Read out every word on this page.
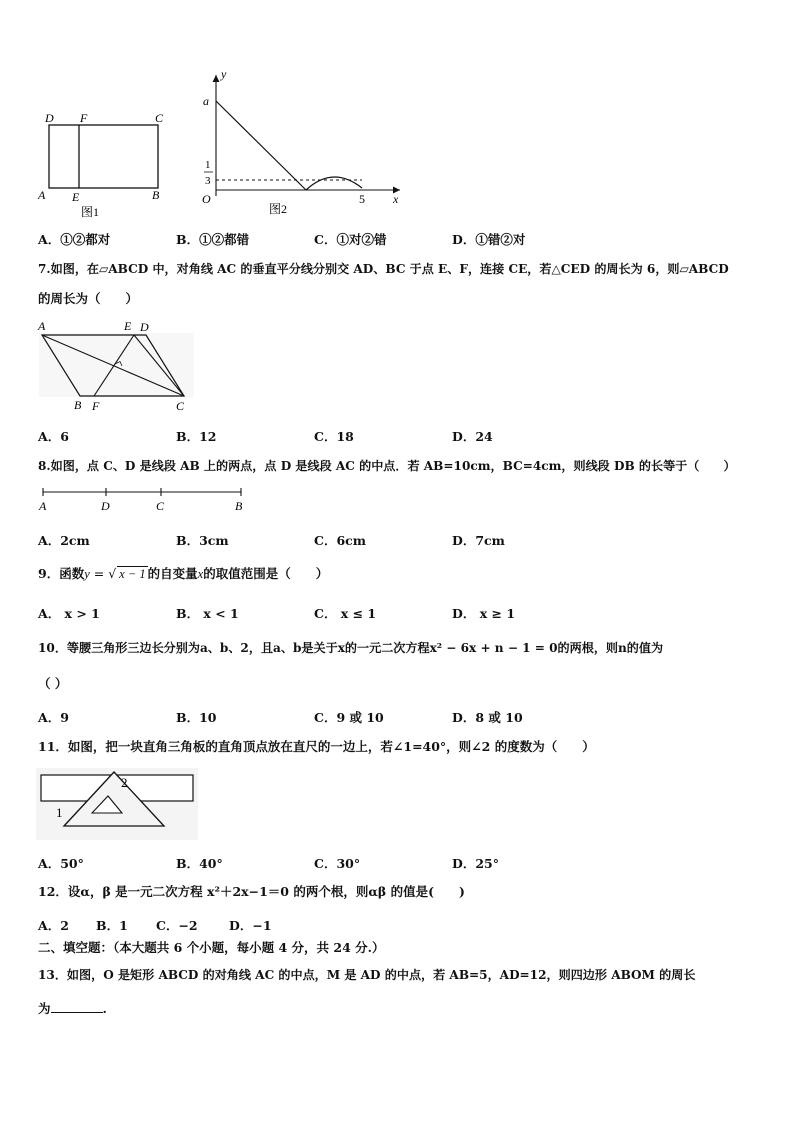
D F	C
A E	B
图1
y
a
1
3
O	5 x
图2
A．①②都对	B．①②都错	C．①对②错	D．①错②对
7.如图，在▱ABCD 中，对角线 AC 的垂直平分线分别交 AD、BC 于点 E、F，连接 CE，若△CED 的周长为 6，则▱ABCD
的周长为（　　）
A	E D
B F	C
A．6	B．12	C．18	D．24
8.如图，点 C、D 是线段 AB 上的两点，点 D 是线段 AC 的中点．若 AB=10cm，BC=4cm，则线段 DB 的长等于（　　）
A	D	C	B
A．2cm	B．3cm	C．6cm	D．7cm
9．函数y = √ x − 1 的自变量x的取值范围是（　　）
A． x > 1	B． x < 1	C． x ≤ 1	D． x ≥ 1
10．等腰三角形三边长分别为a、b、2，且a、b是关于x的一元二次方程x² − 6x + n − 1 = 0的两根，则n的值为
（ ）
A．9	B．10	C．9 或 10	D．8 或 10
11．如图，把一块直角三角板的直角顶点放在直尺的一边上，若∠1=40°，则∠2 的度数为（　　）
1
2
A．50°	B．40°	C．30°	D．25°
12．设α，β 是一元二次方程 x²＋2x−1＝0 的两个根，则αβ 的值是(　　)
A．2 B．1 C．−2	D．−1
二、填空题：（本大题共 6 个小题，每小题 4 分，共 24 分.）
13．如图，O 是矩形 ABCD 的对角线 AC 的中点，M 是 AD 的中点，若 AB=5，AD=12，则四边形 ABOM 的周长
为	.
